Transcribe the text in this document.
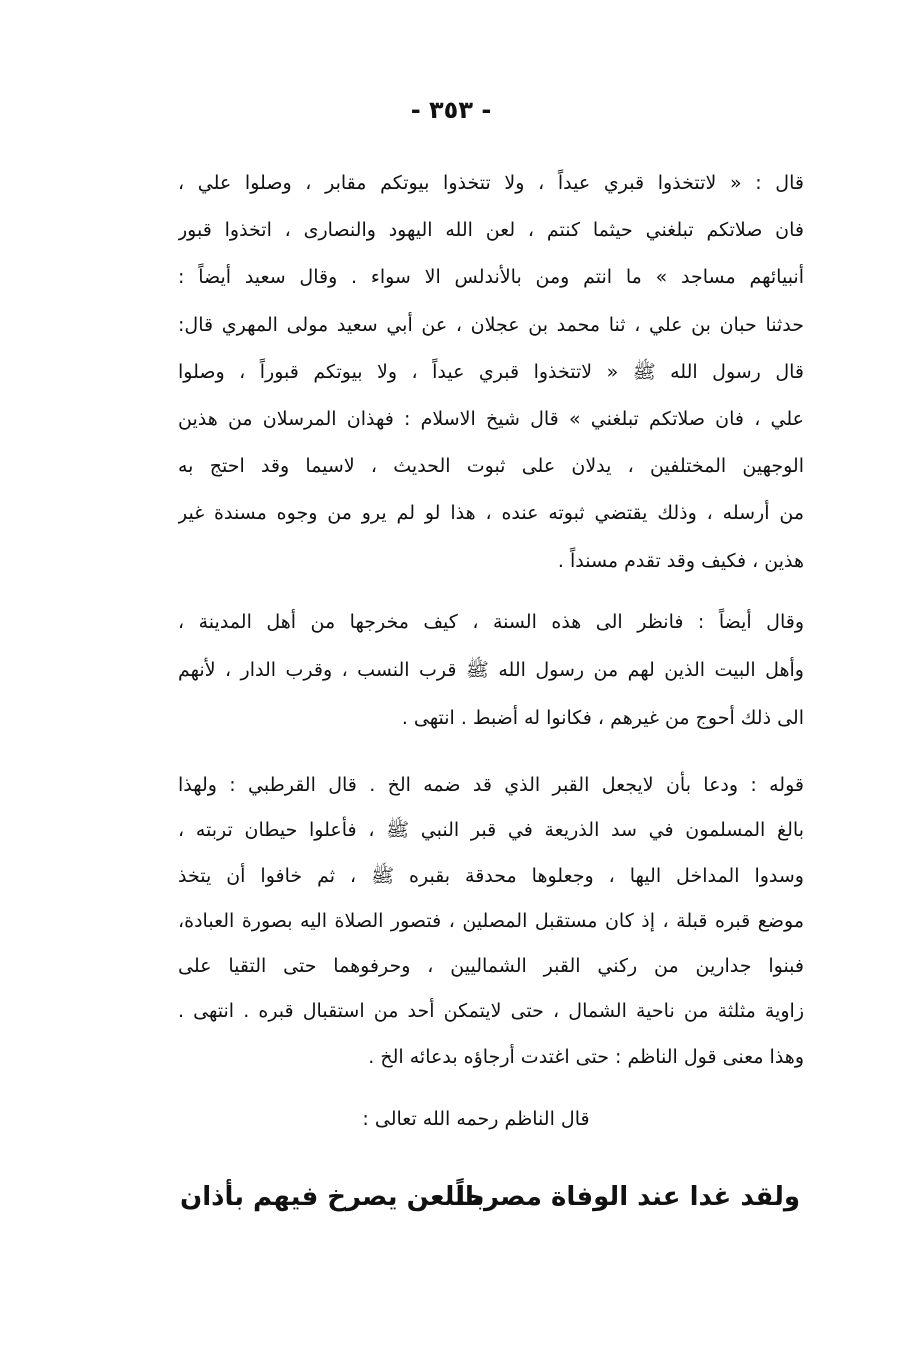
- ٣٥٣ -
قال : « لاتتخذوا قبري عيداً ، ولا تتخذوا بيوتكم مقابر ، وصلوا علي ،
فان صلاتكم تبلغني حيثما كنتم ، لعن الله اليهود والنصارى ، اتخذوا قبور
أنبيائهم مساجد » ما انتم ومن بالأندلس الا سواء . وقال سعيد أيضاً :
حدثنا حبان بن علي ، ثنا محمد بن عجلان ، عن أبي سعيد مولى المهري قال:
قال رسول الله ﷺ « لاتتخذوا قبري عيداً ، ولا بيوتكم قبوراً ، وصلوا
علي ، فان صلاتكم تبلغني » قال شيخ الاسلام : فهذان المرسلان من هذين
الوجهين المختلفين ، يدلان على ثبوت الحديث ، لاسيما وقد احتج به
من أرسله ، وذلك يقتضي ثبوته عنده ، هذا لو لم يرو من وجوه مسندة غير
هذين ، فكيف وقد تقدم مسنداً .
وقال أيضاً : فانظر الى هذه السنة ، كيف مخرجها من أهل المدينة ،
وأهل البيت الذين لهم من رسول الله ﷺ قرب النسب ، وقرب الدار ، لأنهم
الى ذلك أحوج من غيرهم ، فكانوا له أضبط . انتهى .
قوله : ودعا بأن لايجعل القبر الذي قد ضمه الخ . قال القرطبي : ولهذا
بالغ المسلمون في سد الذريعة في قبر النبي ﷺ ، فأعلوا حيطان تربته ،
وسدوا المداخل اليها ، وجعلوها محدقة بقبره ﷺ ، ثم خافوا أن يتخذ
موضع قبره قبلة ، إذ كان مستقبل المصلين ، فتصور الصلاة اليه بصورة العبادة،
فبنوا جدارين من ركني القبر الشماليين ، وحرفوهما حتى التقيا على
زاوية مثلثة من ناحية الشمال ، حتى لايتمكن أحد من استقبال قبره . انتهى .
وهذا معنى قول الناظم : حتى اغتدت أرجاؤه بدعائه الخ .
قال الناظم رحمه الله تعالى :
ولقد غدا عند الوفاة مصرحاً
باللعن يصرخ فيهم بأذان
